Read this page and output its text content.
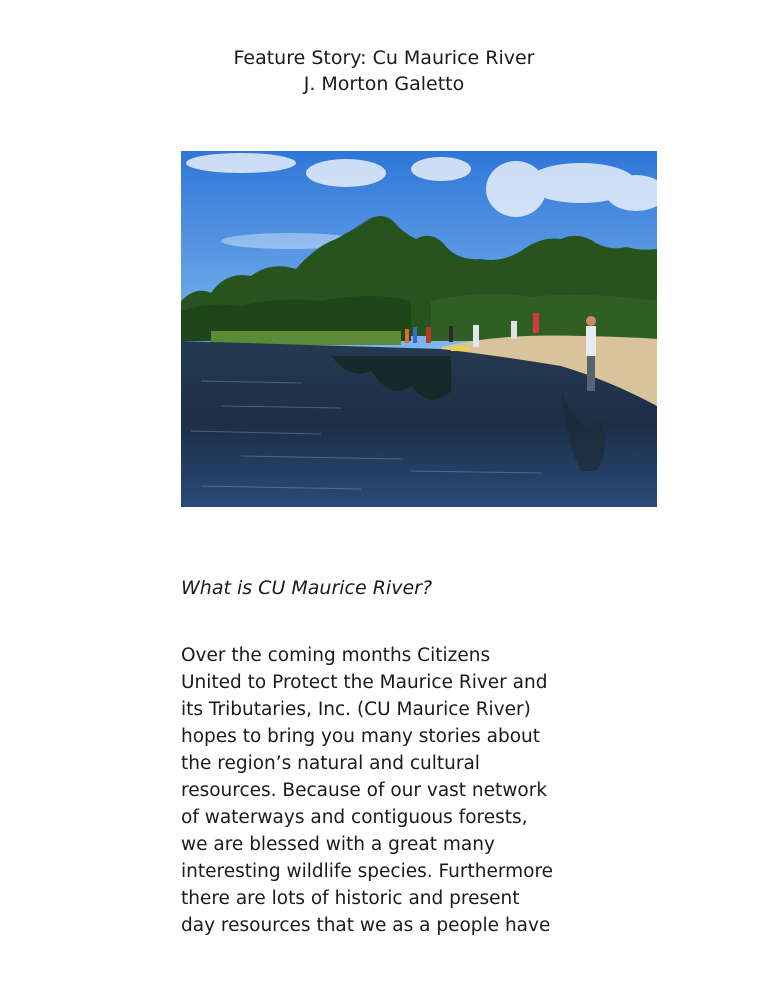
Feature Story: Cu Maurice River
J. Morton Galetto
What is CU Maurice River?
Over the coming months Citizens
United to Protect the Maurice River and
its Tributaries, Inc. (CU Maurice River)
hopes to bring you many stories about
the region’s natural and cultural
resources. Because of our vast network
of waterways and contiguous forests,
we are blessed with a great many
interesting wildlife species. Furthermore
there are lots of historic and present
day resources that we as a people have
